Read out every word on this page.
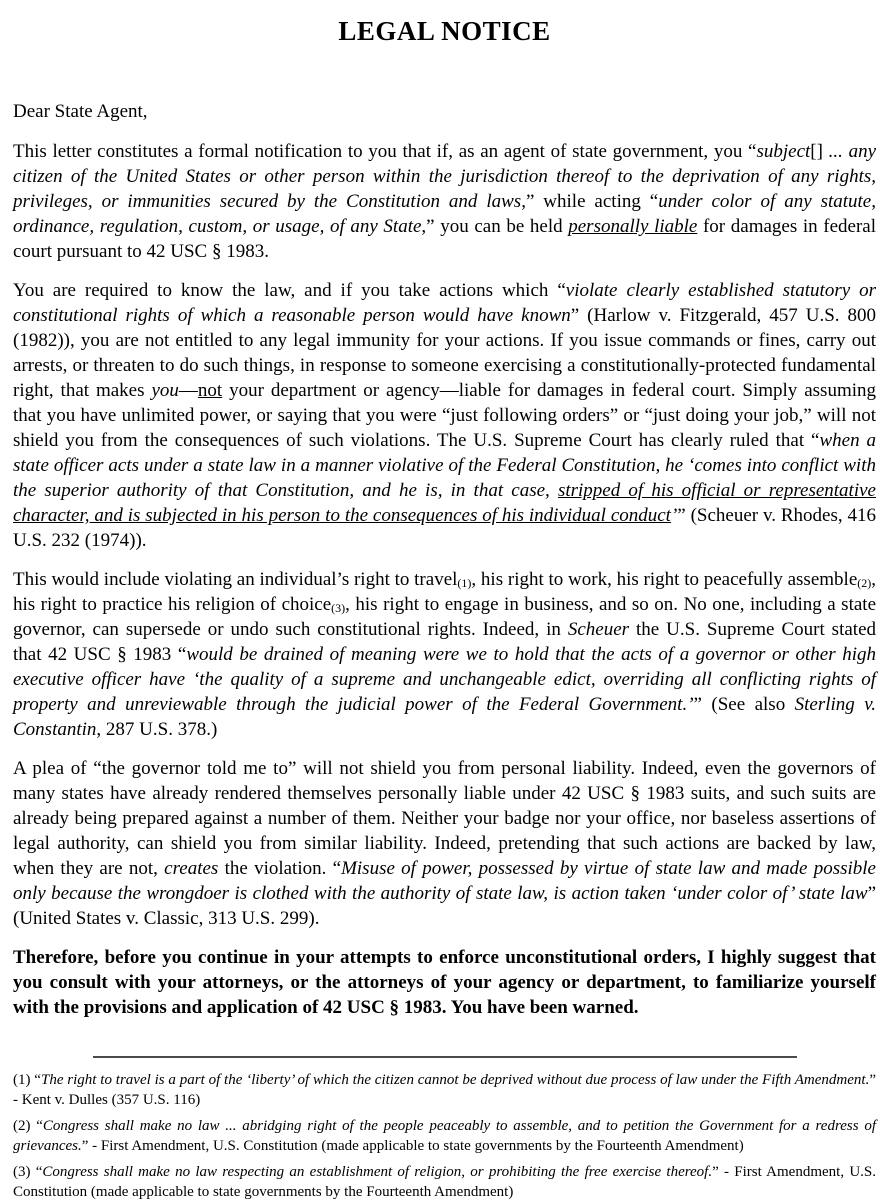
LEGAL NOTICE

Dear State Agent,

This letter constitutes a formal notification to you that if, as an agent of state government, you “subject[] ... any citizen of the United States or other person within the jurisdiction thereof to the deprivation of any rights, privileges, or immunities secured by the Constitution and laws,” while acting “under color of any statute, ordinance, regulation, custom, or usage, of any State,” you can be held personally liable for damages in federal court pursuant to 42 USC § 1983.

You are required to know the law, and if you take actions which “violate clearly established statutory or constitutional rights of which a reasonable person would have known” (Harlow v. Fitzgerald, 457 U.S. 800 (1982)), you are not entitled to any legal immunity for your actions. If you issue commands or fines, carry out arrests, or threaten to do such things, in response to someone exercising a constitutionally-protected fundamental right, that makes you—not your department or agency—liable for damages in federal court. Simply assuming that you have unlimited power, or saying that you were “just following orders” or “just doing your job,” will not shield you from the consequences of such violations. The U.S. Supreme Court has clearly ruled that “when a state officer acts under a state law in a manner violative of the Federal Constitution, he ‘comes into conflict with the superior authority of that Constitution, and he is, in that case, stripped of his official or representative character, and is subjected in his person to the consequences of his individual conduct’” (Scheuer v. Rhodes, 416 U.S. 232 (1974)).

This would include violating an individual’s right to travel(1), his right to work, his right to peacefully assemble(2), his right to practice his religion of choice(3), his right to engage in business, and so on. No one, including a state governor, can supersede or undo such constitutional rights. Indeed, in Scheuer the U.S. Supreme Court stated that 42 USC § 1983 “would be drained of meaning were we to hold that the acts of a governor or other high executive officer have ‘the quality of a supreme and unchangeable edict, overriding all conflicting rights of property and unreviewable through the judicial power of the Federal Government.’” (See also Sterling v. Constantin, 287 U.S. 378.)

A plea of “the governor told me to” will not shield you from personal liability. Indeed, even the governors of many states have already rendered themselves personally liable under 42 USC § 1983 suits, and such suits are already being prepared against a number of them. Neither your badge nor your office, nor baseless assertions of legal authority, can shield you from similar liability. Indeed, pretending that such actions are backed by law, when they are not, creates the violation. “Misuse of power, possessed by virtue of state law and made possible only because the wrongdoer is clothed with the authority of state law, is action taken ‘under color of’ state law” (United States v. Classic, 313 U.S. 299).

Therefore, before you continue in your attempts to enforce unconstitutional orders, I highly suggest that you consult with your attorneys, or the attorneys of your agency or department, to familiarize yourself with the provisions and application of 42 USC § 1983. You have been warned.

(1) “The right to travel is a part of the ‘liberty’ of which the citizen cannot be deprived without due process of law under the Fifth Amendment.” - Kent v. Dulles (357 U.S. 116)

(2) “Congress shall make no law ... abridging right of the people peaceably to assemble, and to petition the Government for a redress of grievances.” - First Amendment, U.S. Constitution (made applicable to state governments by the Fourteenth Amendment)

(3) “Congress shall make no law respecting an establishment of religion, or prohibiting the free exercise thereof.” - First Amendment, U.S. Constitution (made applicable to state governments by the Fourteenth Amendment)
